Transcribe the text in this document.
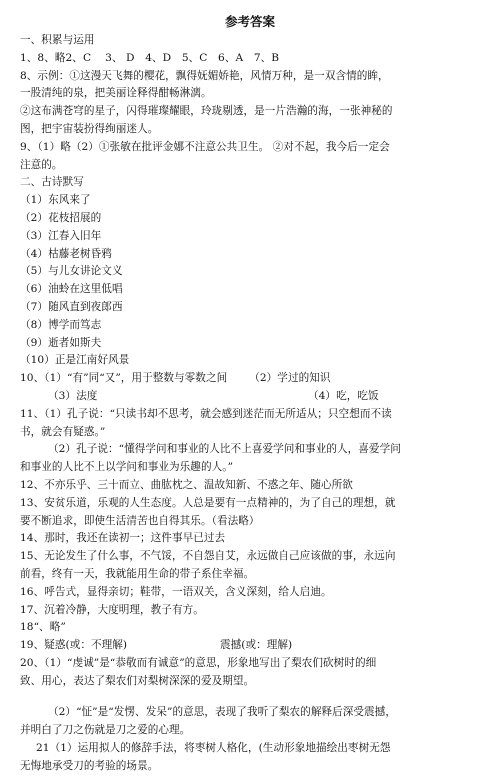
参考答案
一、积累与运用
1、8、略2、C　 3、 D　4、D　5、C　6、A　7、B
8、示例：①这漫天飞舞的樱花，飘得妩媚娇艳，风情万种，是一双含情的眸，
一股清纯的泉，把美丽诠释得酣畅淋漓。
②这布满苍穹的星子，闪得璀璨耀眼，玲珑剔透，是一片浩瀚的海，一张神秘的
图，把宇宙装扮得绚丽迷人。
9、（1）略（2）①张敏在批评金娜不注意公共卫生。 ②对不起，我今后一定会
注意的。
二、古诗默写
（1）东风来了
（2）花枝招展的
（3）江春入旧年
（4）枯藤老树昏鸦
（5）与儿女讲论文义
（6）油蛉在这里低唱
（7）随风直到夜郎西
（8）博学而笃志
（9）逝者如斯夫
（10）正是江南好风景
10、（1）“有”同“又”，用于整数与零数之间 （2）学过的知识
（3）法度	（4）吃，吃饭
11、（1）孔子说：“只读书却不思考，就会感到迷茫而无所适从；只空想而不读
书，就会有疑惑。”
（2）孔子说：“懂得学问和事业的人比不上喜爱学问和事业的人，喜爱学问
和事业的人比不上以学问和事业为乐趣的人。”
12、不亦乐乎、三十而立、曲肱枕之、温故知新、不惑之年、随心所欲
13、安贫乐道，乐观的人生态度。人总是要有一点精神的，为了自己的理想，就
要不断追求，即使生活清苦也自得其乐。（看法略）
14、那时，我还在读初一；这件事早已过去
15、无论发生了什么事，不气馁，不自怨自艾，永远做自己应该做的事，永远向
前看，终有一天，我就能用生命的带子系住幸福。
16、呼告式，显得亲切；鞋带，一语双关，含义深刻，给人启迪。
17、沉着冷静，大度明理，教子有方。
18“、略”
19、疑惑(或：不理解)	震撼(或：理解)
20、（1）“虔诚”是“恭敬而有诚意”的意思，形象地写出了梨农们砍树时的细
致、用心，表达了梨农们对梨树深深的爱及期望。
（2）“怔”是“发愣、发呆”的意思，表现了我听了梨农的解释后深受震撼，
并明白了刀之伤就是刀之爱的心理。
21（1）运用拟人的修辞手法，将枣树人格化，(生动形象地描绘出枣树无怨
无悔地承受刀的考验的场景。
